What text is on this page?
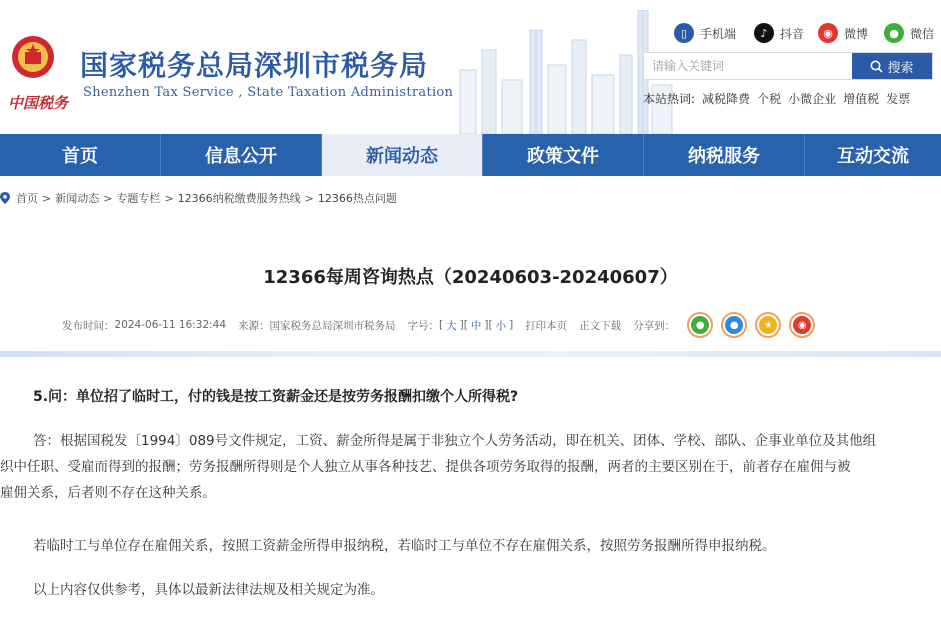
中国税务
国家税务总局深圳市税务局
Shenzhen Tax Service , State Taxation Administration
▯	手机端	♪	抖音	◉ 微博	● 微信
请输入关键词
搜索
本站热词: 减税降费 个税 小微企业 增值税 发票
首页	信息公开	新闻动态	政策文件	纳税服务	互动交流
首页 > 新闻动态 > 专题专栏 > 12366纳税缴费服务热线 > 12366热点问题
12366每周咨询热点（20240603-20240607）
发布时间： 2024-06-11 16:32:44 来源： 国家税务总局深圳市税务局 字号： [ 大 ] [ 中 ] [ 小 ] 打印本页 正文下载 分享到：	●	●	★	◉
5.问：单位招了临时工，付的钱是按工资薪金还是按劳务报酬扣缴个人所得税?
答：根据国税发〔1994〕089号文件规定，工资、薪金所得是属于非独立个人劳务活动，即在机关、团体、学校、部队、企事业单位及其他组
织中任职、受雇而得到的报酬；劳务报酬所得则是个人独立从事各种技艺、提供各项劳务取得的报酬，两者的主要区别在于，前者存在雇佣与被
雇佣关系，后者则不存在这种关系。
若临时工与单位存在雇佣关系，按照工资薪金所得申报纳税，若临时工与单位不存在雇佣关系，按照劳务报酬所得申报纳税。
以上内容仅供参考，具体以最新法律法规及相关规定为准。
